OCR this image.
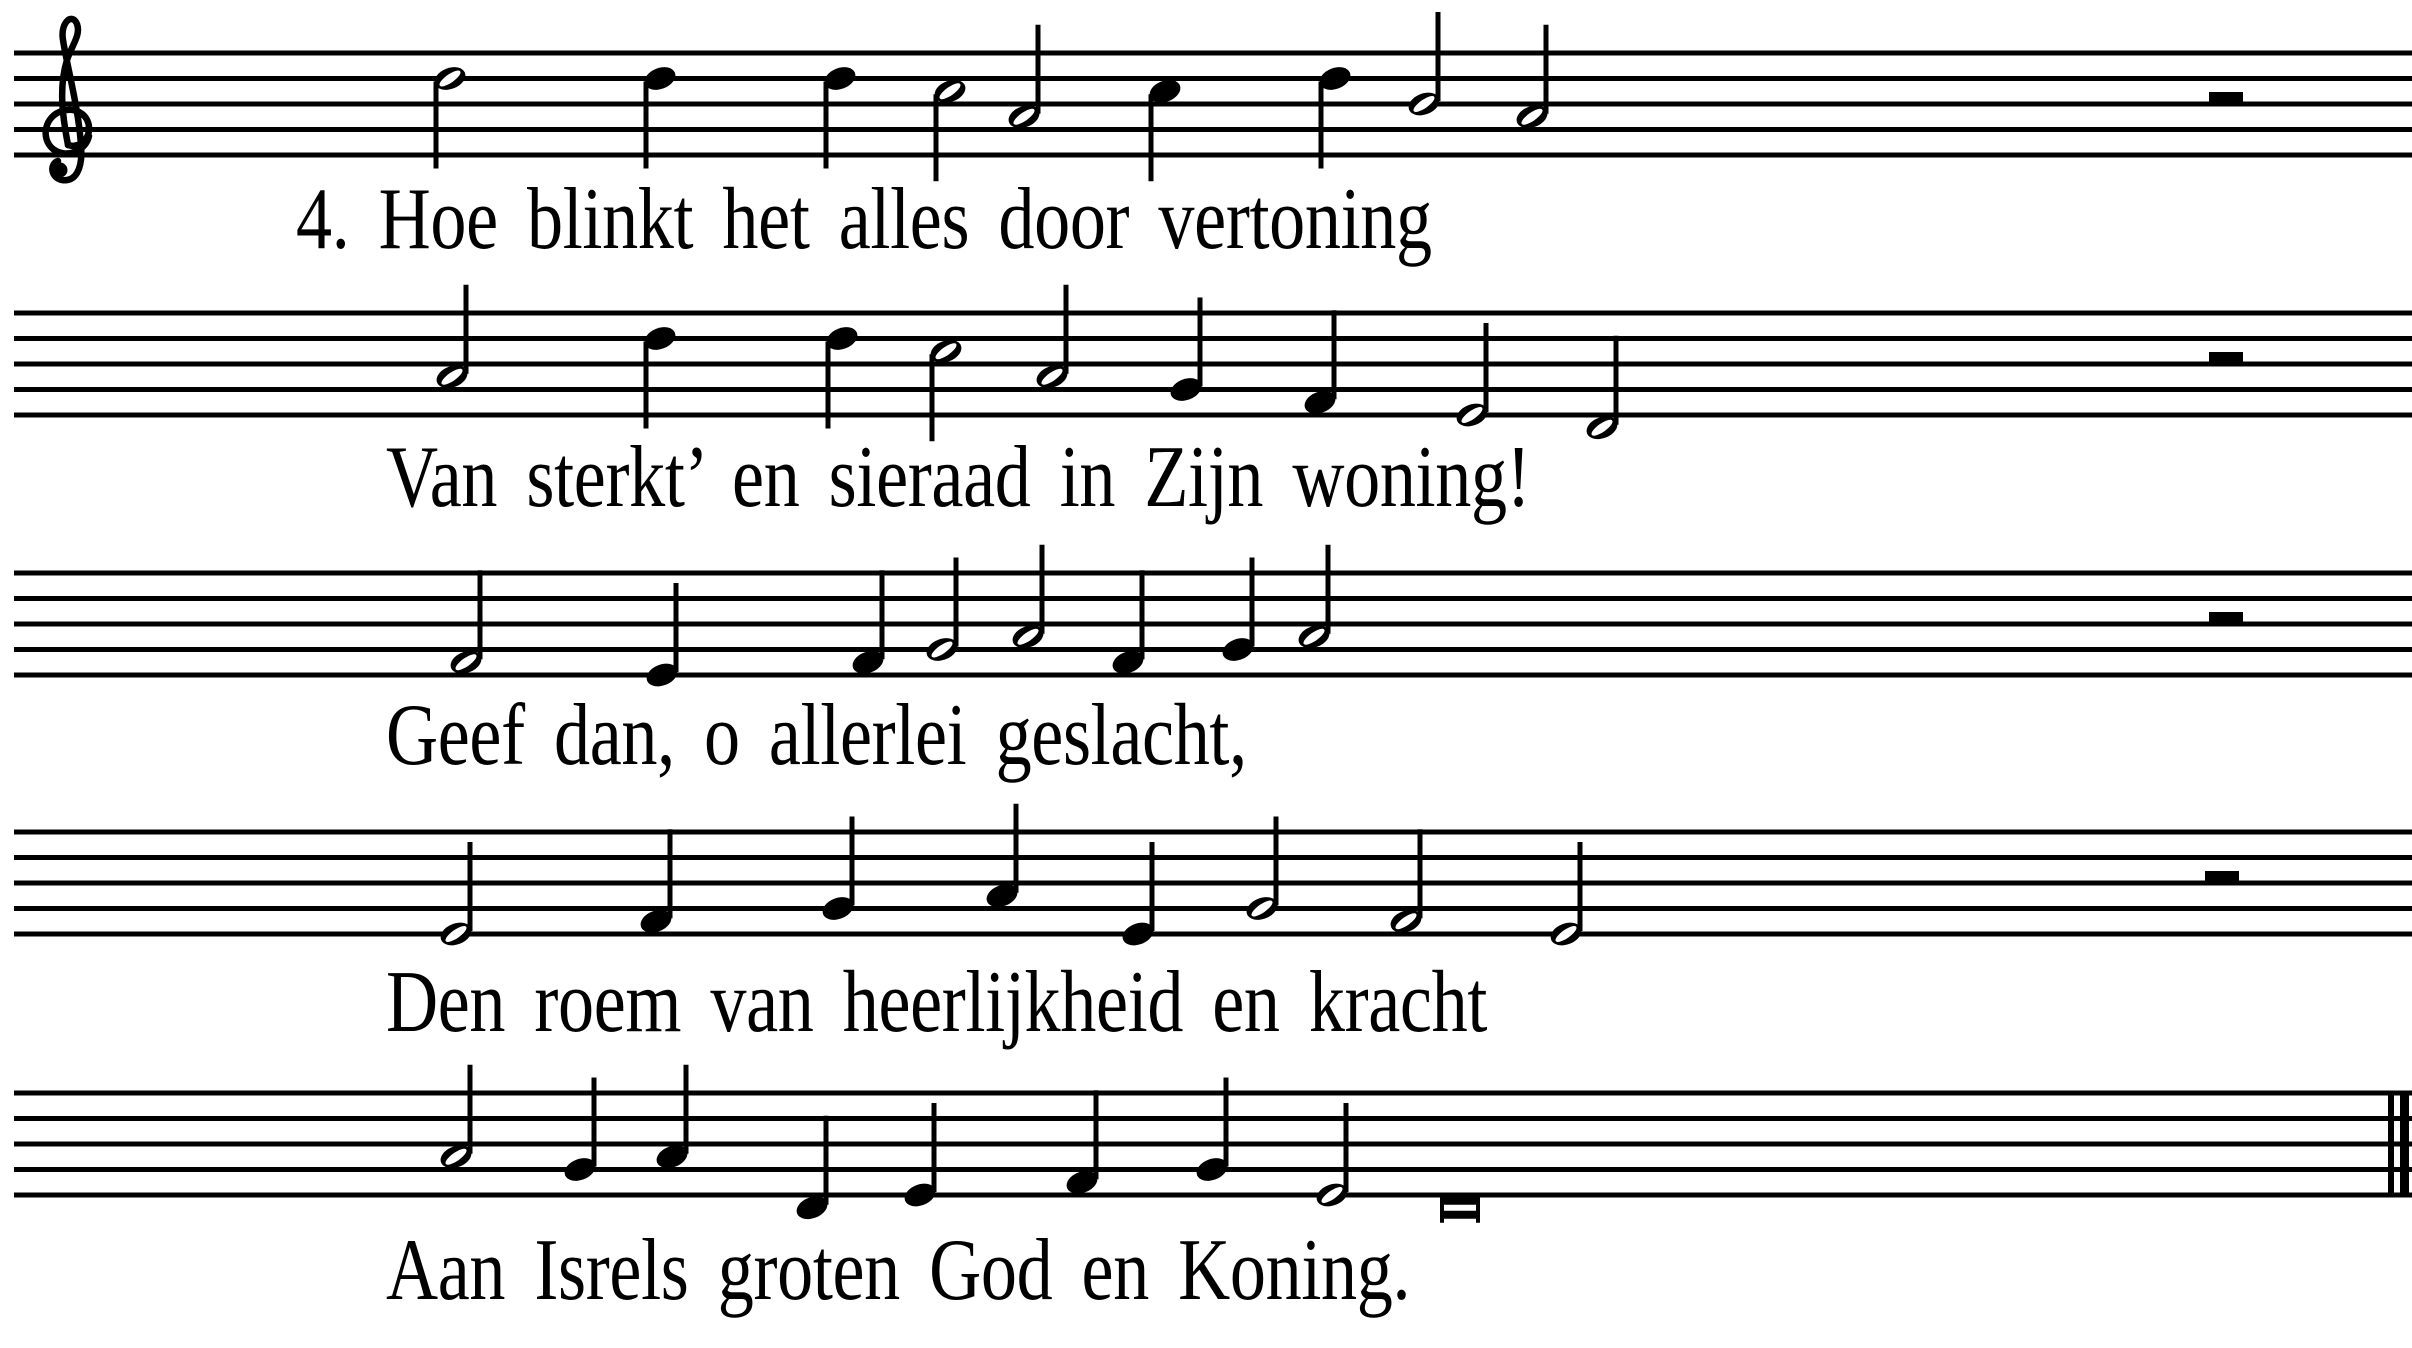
4. Hoe blinkt het alles door vertoning
Van sterkt’ en sieraad in Zijn woning!
Geef dan, o allerlei geslacht,
Den roem van heerlijkheid en kracht
Aan Isrels groten God en Koning.
